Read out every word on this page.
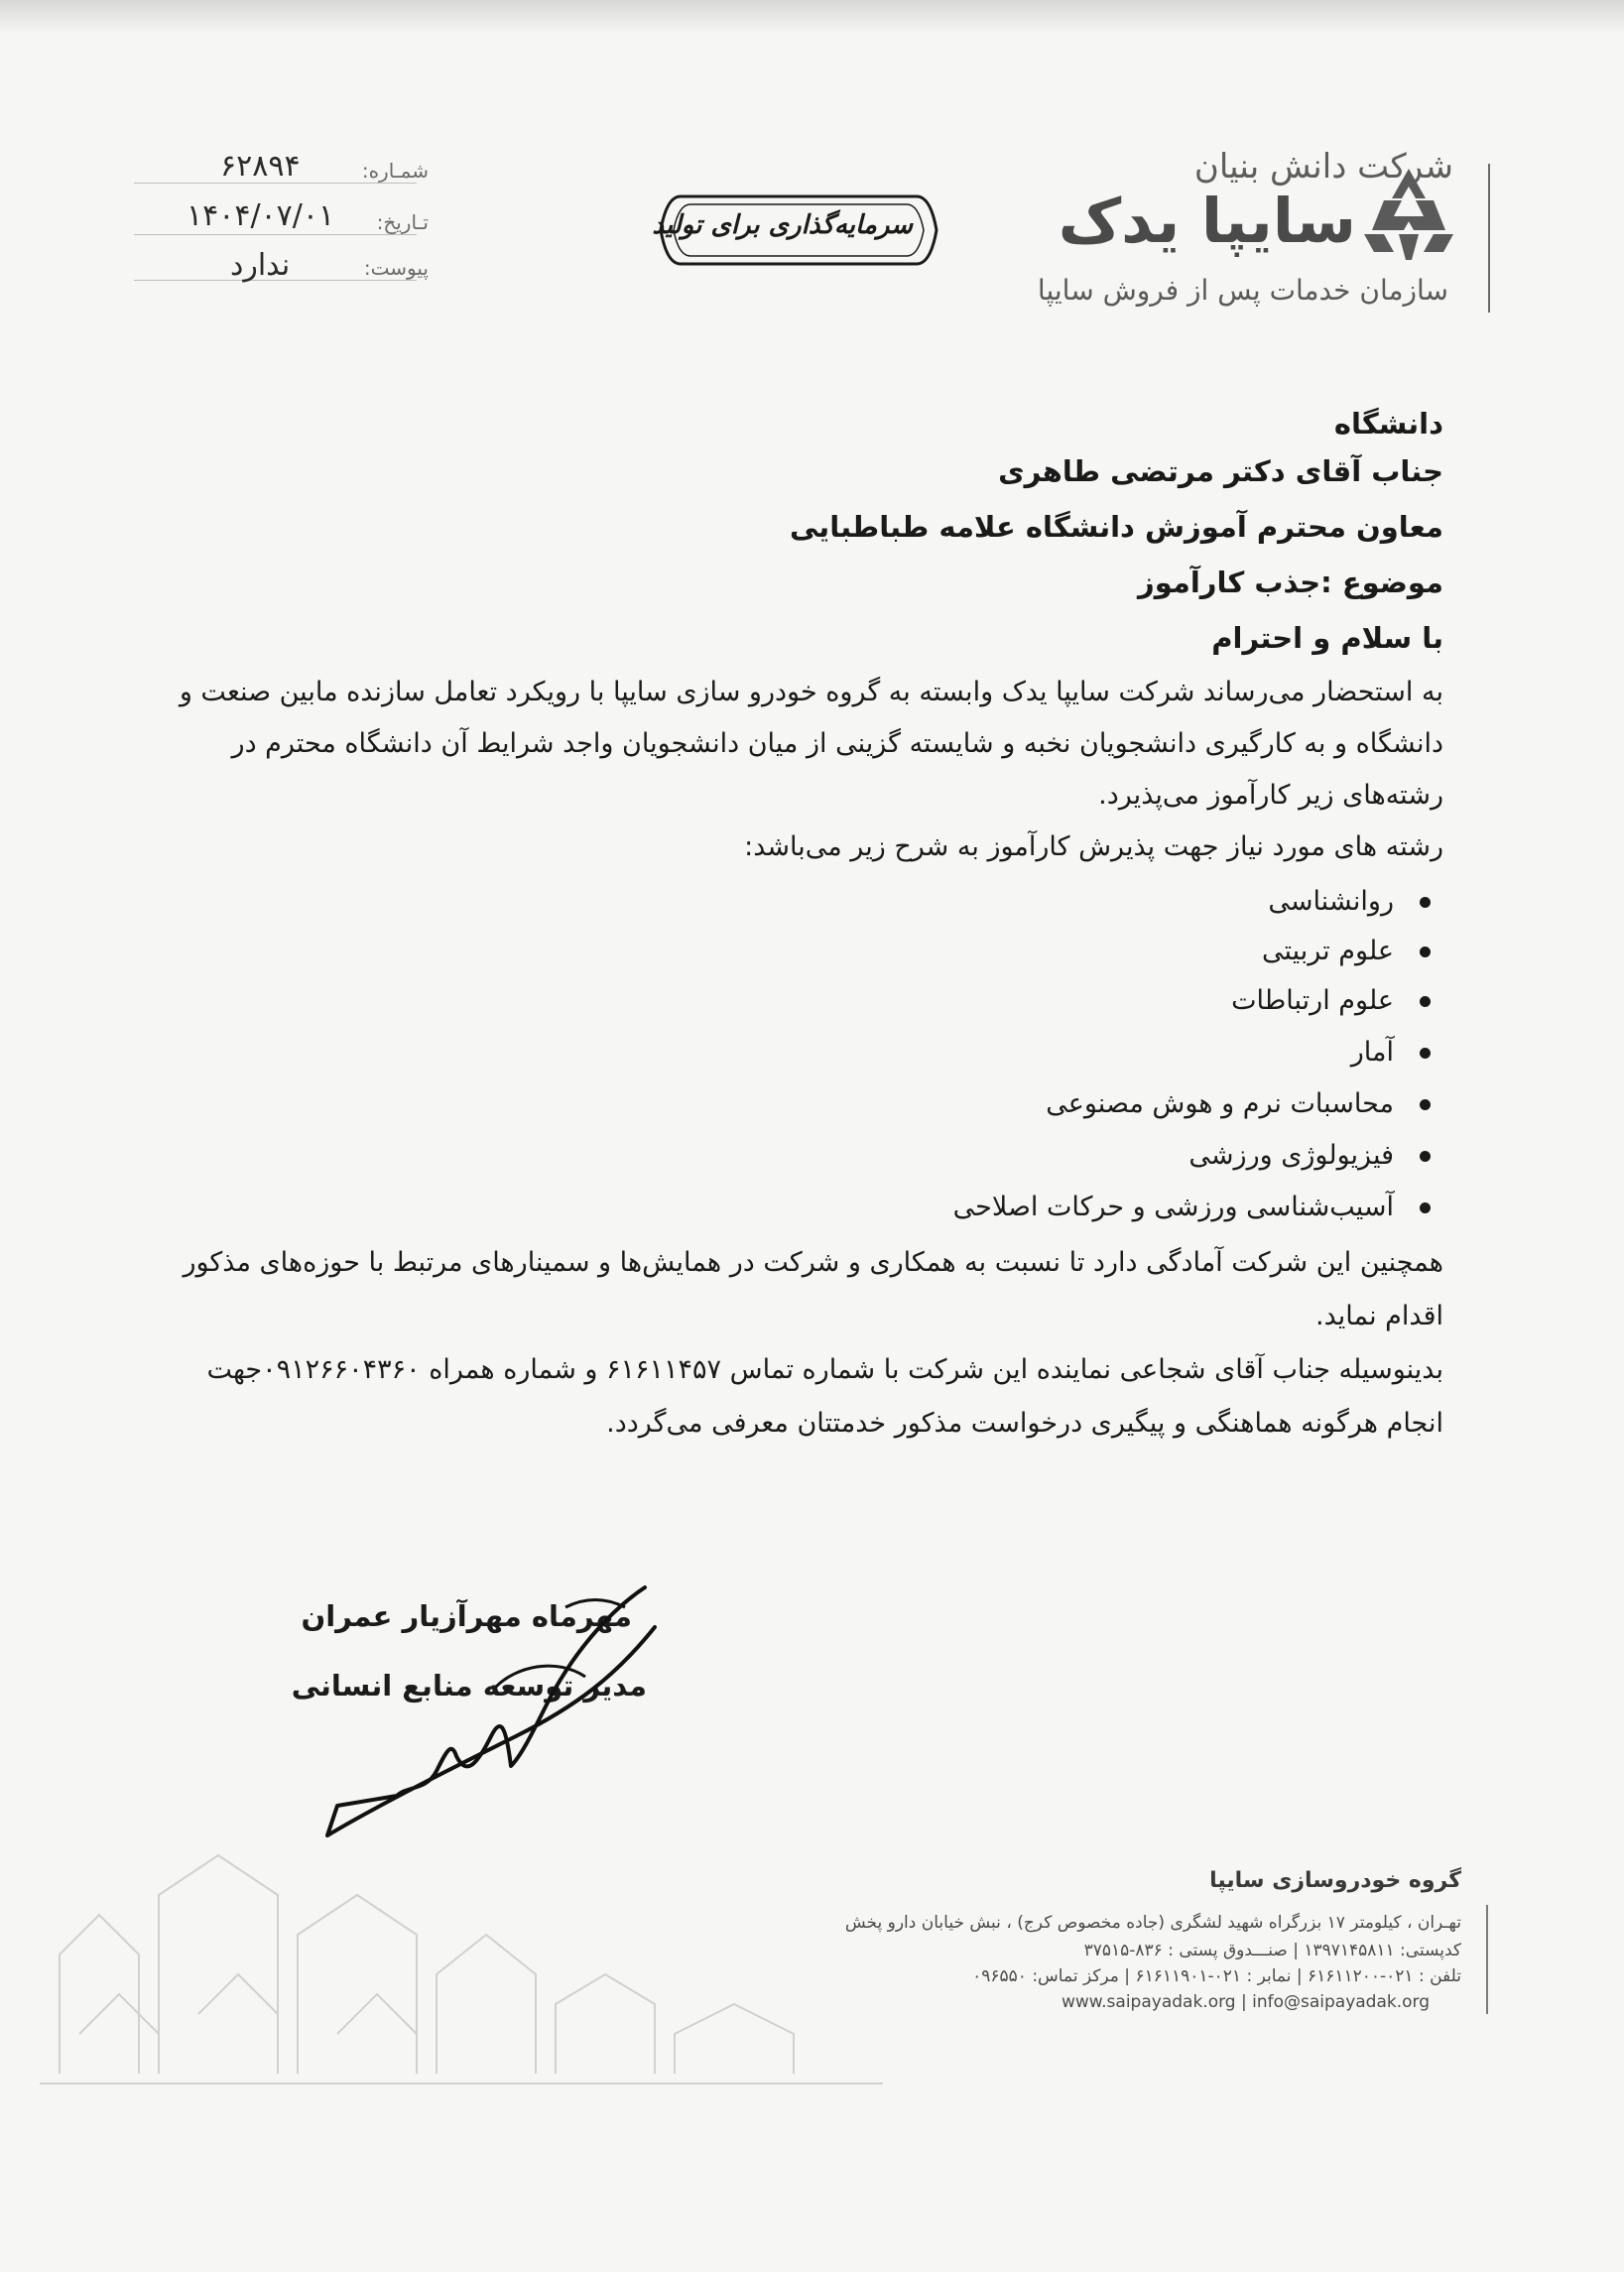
شرکت دانش بنیان
سایپا یدک
سازمان خدمات پس از فروش سایپا
سرمایه‌گذاری برای تولید
شمـاره:
۶۲۸۹۴
تـاریخ:
۱۴۰۴/۰۷/۰۱
پیوست:
ندارد
دانشگاه
جناب آقای دکتر مرتضی طاهری
معاون محترم آموزش دانشگاه علامه طباطبایی
موضوع :جذب کارآموز
با سلام و احترام
به استحضار می‌رساند شرکت سایپا یدک وابسته به گروه خودرو سازی سایپا با رویکرد تعامل سازنده مابین صنعت و
دانشگاه و به کارگیری دانشجویان نخبه و شایسته گزینی از میان دانشجویان واجد شرایط آن دانشگاه محترم در
رشته‌های زیر کارآموز می‌پذیرد.
رشته های مورد نیاز جهت پذیرش کارآموز به شرح زیر می‌باشد:
روانشناسی
علوم تربیتی
علوم ارتباطات
آمار
محاسبات نرم و هوش مصنوعی
فیزیولوژی ورزشی
آسیب‌شناسی ورزشی و حرکات اصلاحی
همچنین این شرکت آمادگی دارد تا نسبت به همکاری و شرکت در همایش‌ها و سمینارهای مرتبط با حوزه‌های مذکور
اقدام نماید.
بدینوسیله جناب آقای شجاعی نماینده این شرکت با شماره تماس ۶۱۶۱۱۴۵۷ و شماره همراه ۰۹۱۲۶۶۰۴۳۶۰جهت
انجام هرگونه هماهنگی و پیگیری درخواست مذکور خدمتتان معرفی می‌گردد.
مهرماه مهرآزیار عمران
مدیر توسعه منابع انسانی
گروه خودروسازی سایپا
تهـران ، کیلومتر ۱۷ بزرگراه شهید لشگری (جاده مخصوص کرج) ، نبش خیابان دارو پخش
کدپستی: ۱۳۹۷۱۴۵۸۱۱ | صنـــدوق پستی : ۸۳۶-۳۷۵۱۵
تلفن : ۰۲۱-۶۱۶۱۱۲۰۰ | نمابر : ۰۲۱-۶۱۶۱۱۹۰۱ | مرکز تماس: ۰۹۶۵۵۰
www.saipayadak.org | info@saipayadak.org
